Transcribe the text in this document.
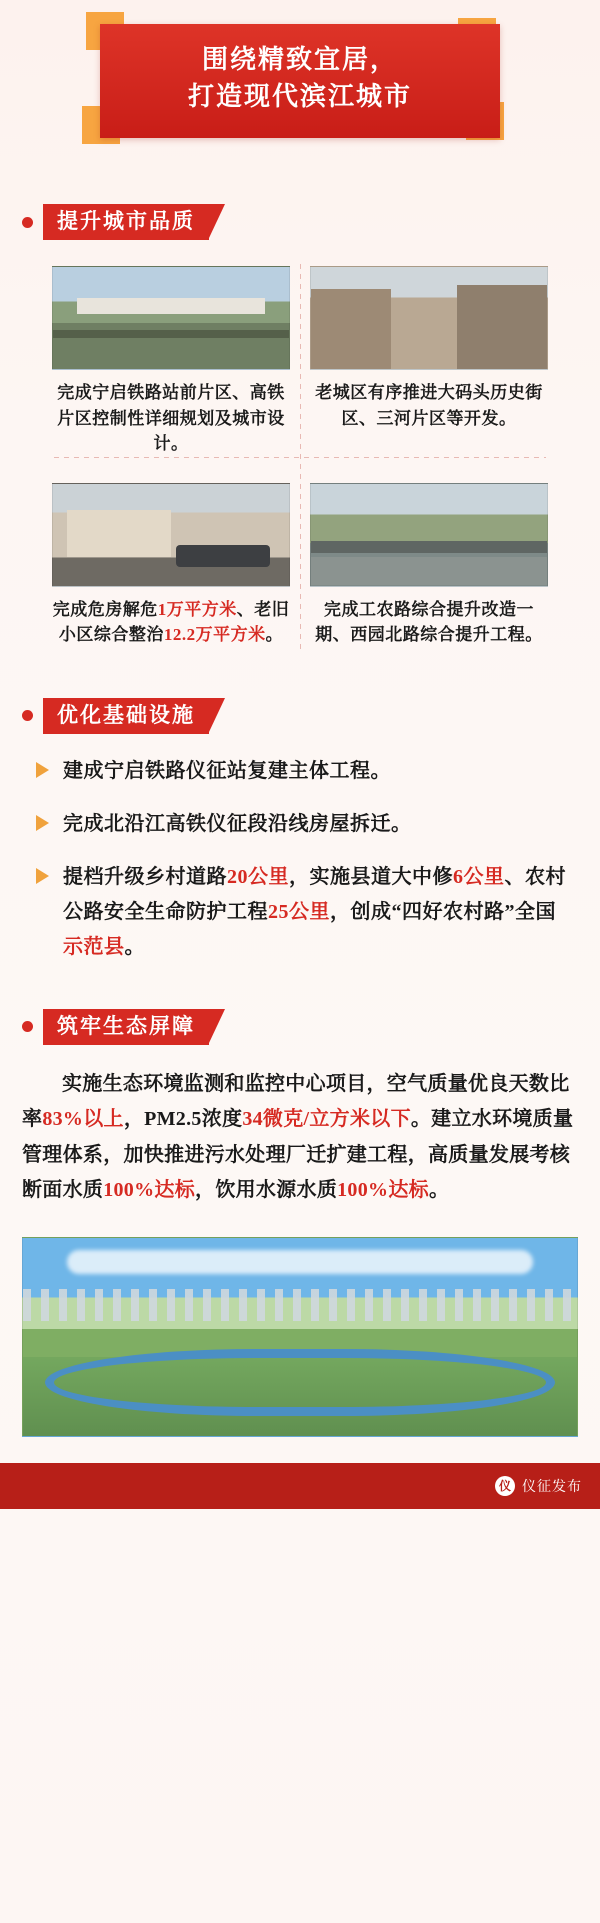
围绕精致宜居，
打造现代滨江城市
提升城市品质
完成宁启铁路站前片区、高铁片区控制性详细规划及城市设计。
老城区有序推进大码头历史街区、三河片区等开发。
完成危房解危1万平方米、老旧小区综合整治12.2万平方米。
完成工农路综合提升改造一期、西园北路综合提升工程。
优化基础设施
建成宁启铁路仪征站复建主体工程。
完成北沿江高铁仪征段沿线房屋拆迁。
提档升级乡村道路20公里，实施县道大中修6公里、农村公路安全生命防护工程25公里，创成“四好农村路”全国示范县。
筑牢生态屏障
实施生态环境监测和监控中心项目，空气质量优良天数比率83%以上，PM2.5浓度34微克/立方米以下。建立水环境质量管理体系，加快推进污水处理厂迁扩建工程，高质量发展考核断面水质100%达标，饮用水源水质100%达标。
仪 仪征发布
